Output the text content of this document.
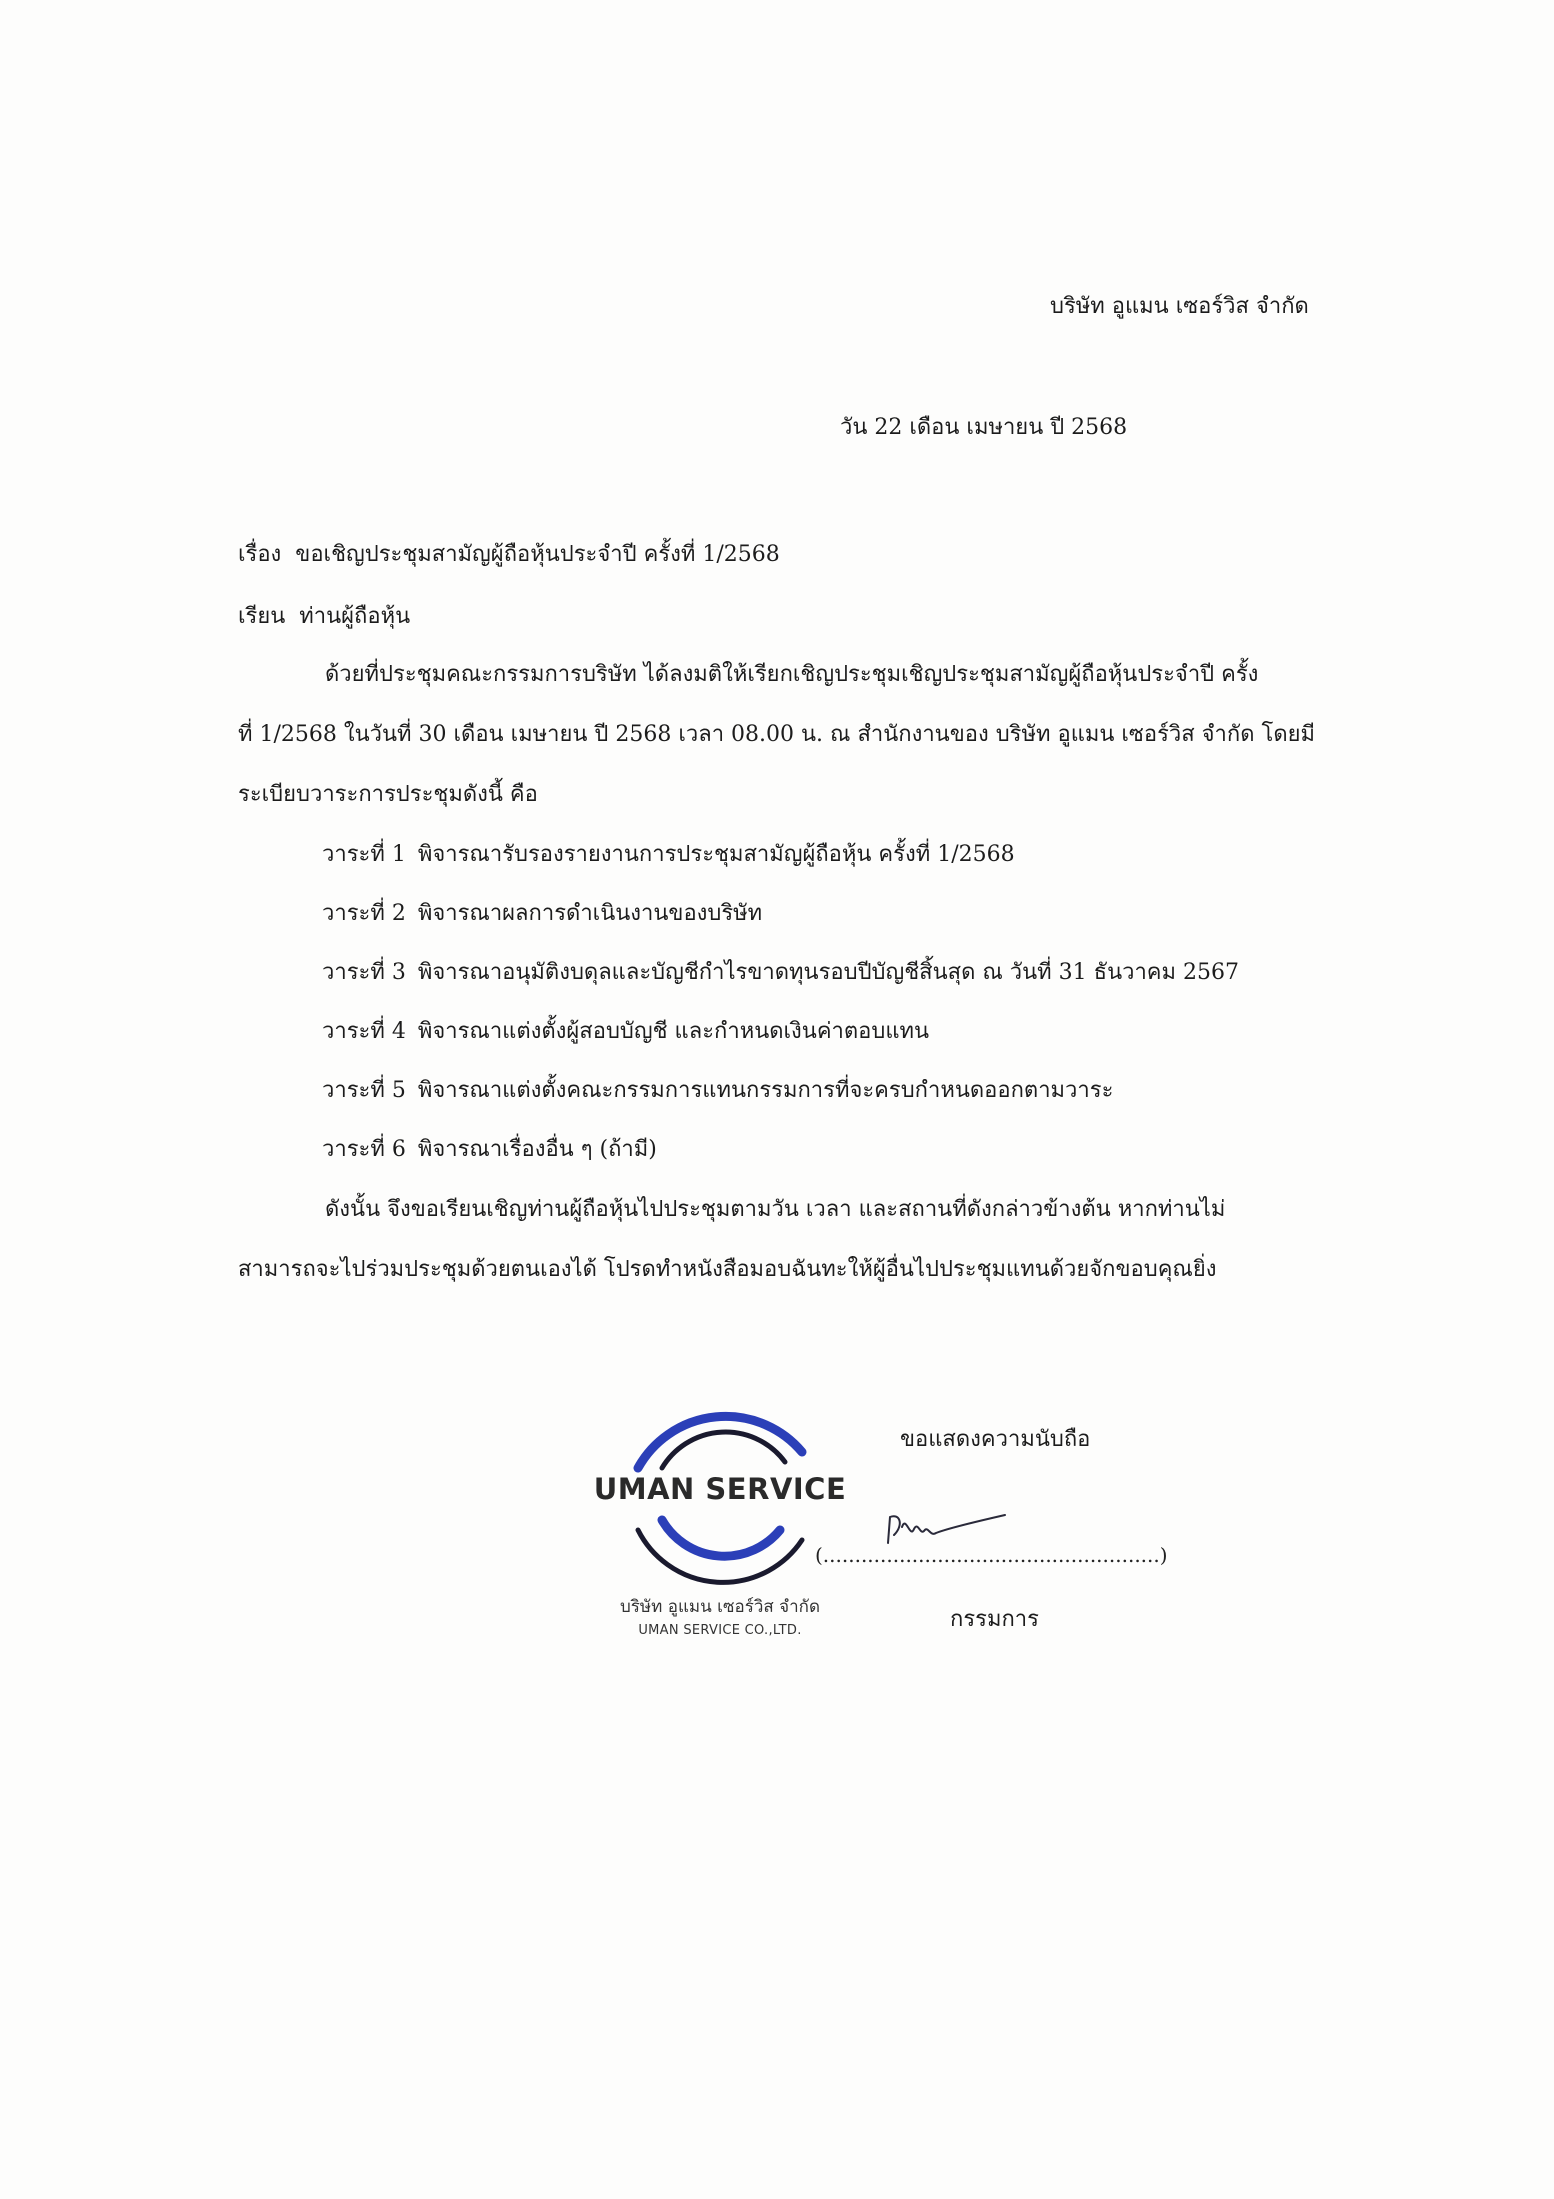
บริษัท อูแมน เซอร์วิส จำกัด
วัน 22 เดือน เมษายน ปี 2568
เรื่อง ขอเชิญประชุมสามัญผู้ถือหุ้นประจำปี ครั้งที่ 1/2568
เรียน ท่านผู้ถือหุ้น
ด้วยที่ประชุมคณะกรรมการบริษัท ได้ลงมติให้เรียกเชิญประชุมเชิญประชุมสามัญผู้ถือหุ้นประจำปี ครั้ง
ที่ 1/2568 ในวันที่ 30 เดือน เมษายน ปี 2568 เวลา 08.00 น. ณ สำนักงานของ บริษัท อูแมน เซอร์วิส จำกัด โดยมี
ระเบียบวาระการประชุมดังนี้ คือ
วาระที่ 1 พิจารณารับรองรายงานการประชุมสามัญผู้ถือหุ้น ครั้งที่ 1/2568
วาระที่ 2 พิจารณาผลการดำเนินงานของบริษัท
วาระที่ 3 พิจารณาอนุมัติงบดุลและบัญชีกำไรขาดทุนรอบปีบัญชีสิ้นสุด ณ วันที่ 31 ธันวาคม 2567
วาระที่ 4 พิจารณาแต่งตั้งผู้สอบบัญชี และกำหนดเงินค่าตอบแทน
วาระที่ 5 พิจารณาแต่งตั้งคณะกรรมการแทนกรรมการที่จะครบกำหนดออกตามวาระ
วาระที่ 6 พิจารณาเรื่องอื่น ๆ (ถ้ามี)
ดังนั้น จึงขอเรียนเชิญท่านผู้ถือหุ้นไปประชุมตามวัน เวลา และสถานที่ดังกล่าวข้างต้น หากท่านไม่
สามารถจะไปร่วมประชุมด้วยตนเองได้ โปรดทำหนังสือมอบฉันทะให้ผู้อื่นไปประชุมแทนด้วยจักขอบคุณยิ่ง
UMAN SERVICE
บริษัท อูแมน เซอร์วิส จำกัด
UMAN SERVICE CO.,LTD.
ขอแสดงความนับถือ
(.....................................................)
กรรมการ
